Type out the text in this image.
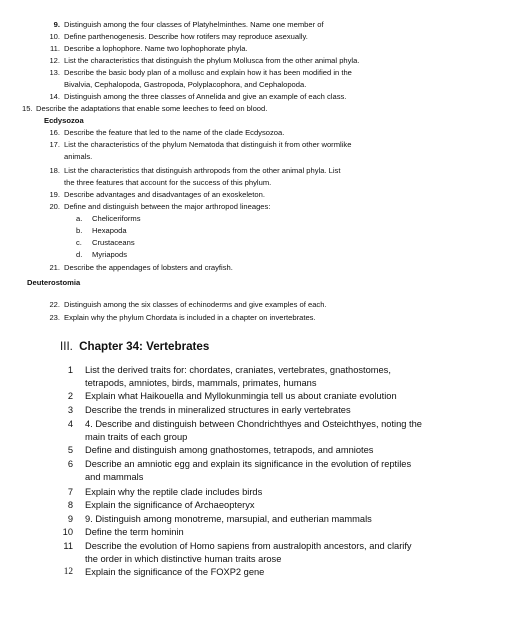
9. Distinguish among the four classes of Platyhelminthes. Name one member of
10. Define parthenogenesis. Describe how rotifers may reproduce asexually.
11. Describe a lophophore. Name two lophophorate phyla.
12. List the characteristics that distinguish the phylum Mollusca from the other animal phyla.
13. Describe the basic body plan of a mollusc and explain how it has been modified in the
Bivalvia, Cephalopoda, Gastropoda, Polyplacophora, and Cephalopoda.
14. Distinguish among the three classes of Annelida and give an example of each class.
15. Describe the adaptations that enable some leeches to feed on blood.
Ecdysozoa
16. Describe the feature that led to the name of the clade Ecdysozoa.
17. List the characteristics of the phylum Nematoda that distinguish it from other wormlike
animals.
18. List the characteristics that distinguish arthropods from the other animal phyla. List
the three features that account for the success of this phylum.
19. Describe advantages and disadvantages of an exoskeleton.
20. Define and distinguish between the major arthropod lineages:
a. Cheliceriforms
b. Hexapoda
c. Crustaceans
d. Myriapods
21. Describe the appendages of lobsters and crayfish.
Deuterostomia
22. Distinguish among the six classes of echinoderms and give examples of each.
23. Explain why the phylum Chordata is included in a chapter on invertebrates.
III. Chapter 34: Vertebrates
1 List the derived traits for: chordates, craniates, vertebrates, gnathostomes,
tetrapods, amniotes, birds, mammals, primates, humans
2 Explain what Haikouella and Myllokunmingia tell us about craniate evolution
3 Describe the trends in mineralized structures in early vertebrates
4 4. Describe and distinguish between Chondrichthyes and Osteichthyes, noting the
main traits of each group
5 Define and distinguish among gnathostomes, tetrapods, and amniotes
6 Describe an amniotic egg and explain its significance in the evolution of reptiles
and mammals
7 Explain why the reptile clade includes birds
8 Explain the significance of Archaeopteryx
9 9. Distinguish among monotreme, marsupial, and eutherian mammals
10 Define the term hominin
11 Describe the evolution of Homo sapiens from australopith ancestors, and clarify
the order in which distinctive human traits arose
12 Explain the significance of the FOXP2 gene
